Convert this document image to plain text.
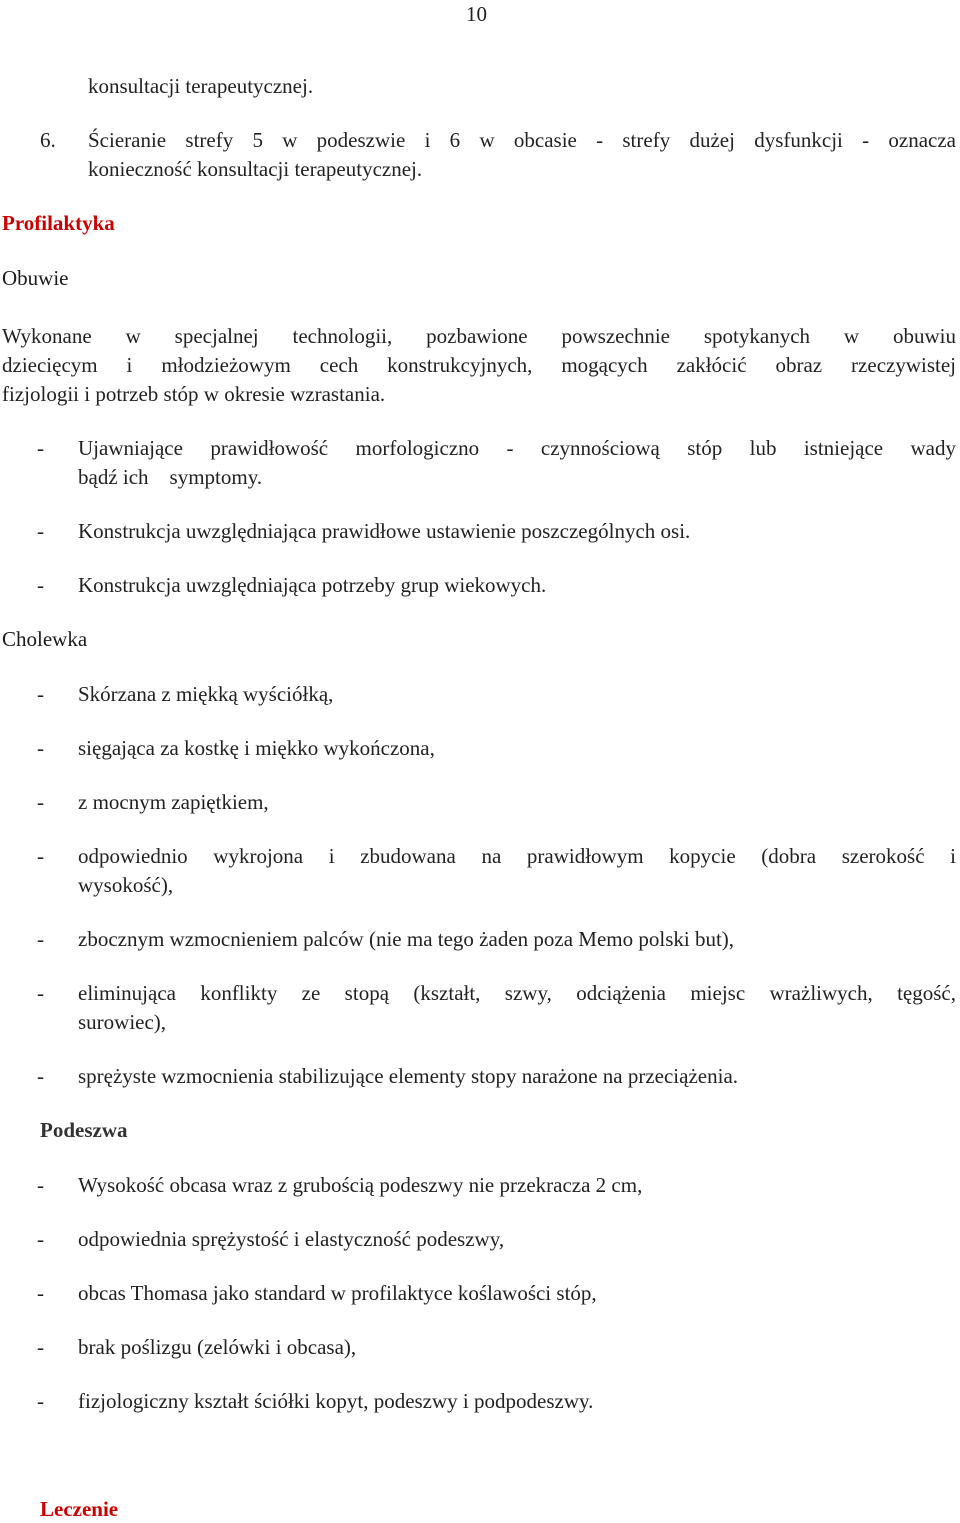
10
konsultacji terapeutycznej.
6. Ścieranie strefy 5 w podeszwie i 6 w obcasie - strefy dużej dysfunkcji - oznacza
konieczność konsultacji terapeutycznej.
Profilaktyka
Obuwie
Wykonane w specjalnej technologii, pozbawione powszechnie spotykanych w obuwiu
dziecięcym i młodzieżowym cech konstrukcyjnych, mogących zakłócić obraz rzeczywistej
fizjologii i potrzeb stóp w okresie wzrastania.
- Ujawniające prawidłowość morfologiczno - czynnościową stóp lub istniejące wady
bądź ich    symptomy.
- Konstrukcja uwzględniająca prawidłowe ustawienie poszczególnych osi.
- Konstrukcja uwzględniająca potrzeby grup wiekowych.
Cholewka
- Skórzana z miękką wyściółką,
- sięgająca za kostkę i miękko wykończona,
- z mocnym zapiętkiem,
- odpowiednio wykrojona i zbudowana na prawidłowym kopycie (dobra szerokość i
wysokość),
- zbocznym wzmocnieniem palców (nie ma tego żaden poza Memo polski but),
- eliminująca konflikty ze stopą (kształt, szwy, odciążenia miejsc wrażliwych, tęgość,
surowiec),
- sprężyste wzmocnienia stabilizujące elementy stopy narażone na przeciążenia.
Podeszwa
- Wysokość obcasa wraz z grubością podeszwy nie przekracza 2 cm,
- odpowiednia sprężystość i elastyczność podeszwy,
- obcas Thomasa jako standard w profilaktyce koślawości stóp,
- brak poślizgu (zelówki i obcasa),
- fizjologiczny kształt ściółki kopyt, podeszwy i podpodeszwy.
Leczenie
